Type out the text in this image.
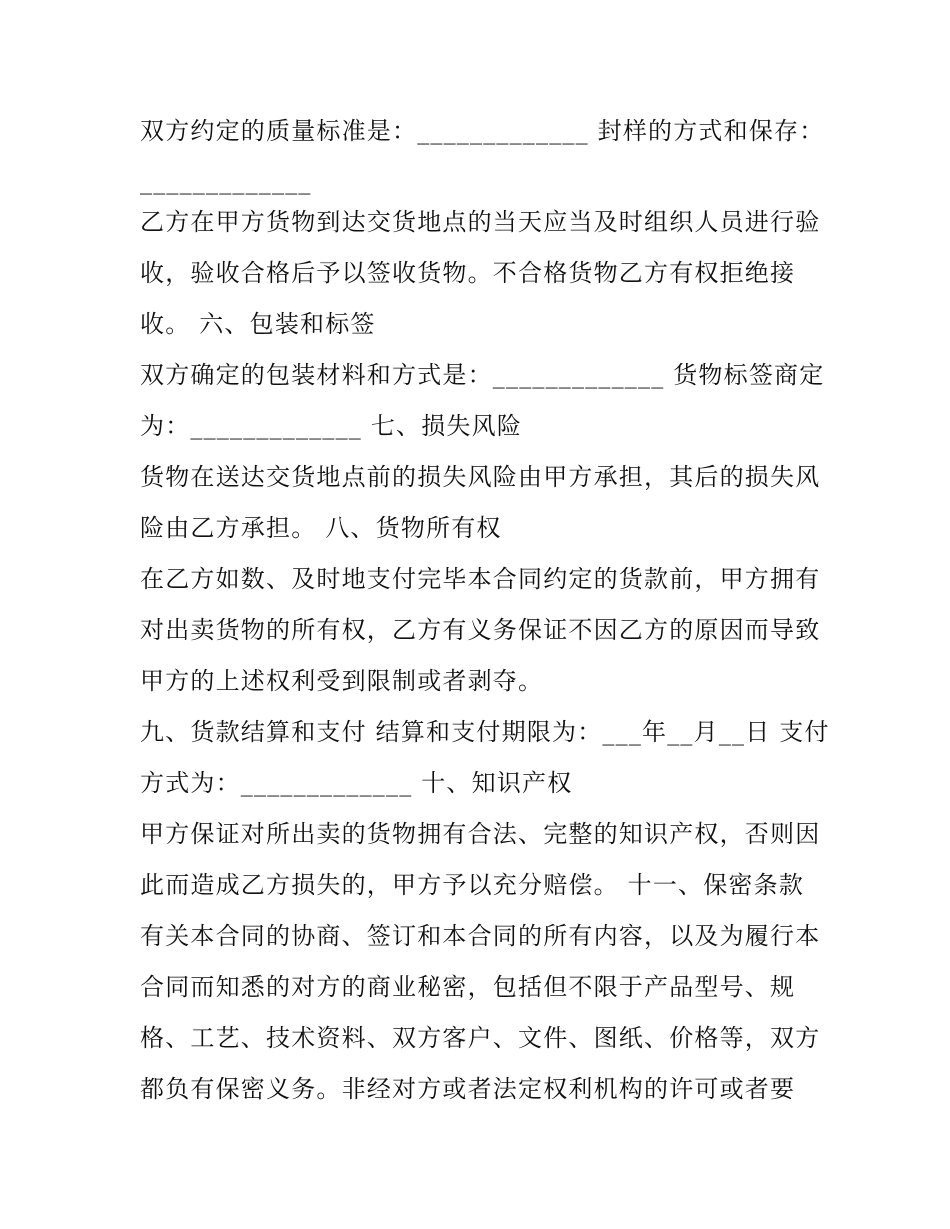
双方约定的质量标准是：_____________ 封样的方式和保存：
_____________
乙方在甲方货物到达交货地点的当天应当及时组织人员进行验
收，验收合格后予以签收货物。不合格货物乙方有权拒绝接
收。 六、包装和标签
双方确定的包装材料和方式是：_____________ 货物标签商定
为：_____________ 七、损失风险
货物在送达交货地点前的损失风险由甲方承担，其后的损失风
险由乙方承担。 八、货物所有权
在乙方如数、及时地支付完毕本合同约定的货款前，甲方拥有
对出卖货物的所有权，乙方有义务保证不因乙方的原因而导致
甲方的上述权利受到限制或者剥夺。
九、货款结算和支付 结算和支付期限为：___年__月__日 支付
方式为：_____________ 十、知识产权
甲方保证对所出卖的货物拥有合法、完整的知识产权，否则因
此而造成乙方损失的，甲方予以充分赔偿。 十一、保密条款
有关本合同的协商、签订和本合同的所有内容，以及为履行本
合同而知悉的对方的商业秘密，包括但不限于产品型号、规
格、工艺、技术资料、双方客户、文件、图纸、价格等，双方
都负有保密义务。非经对方或者法定权利机构的许可或者要
